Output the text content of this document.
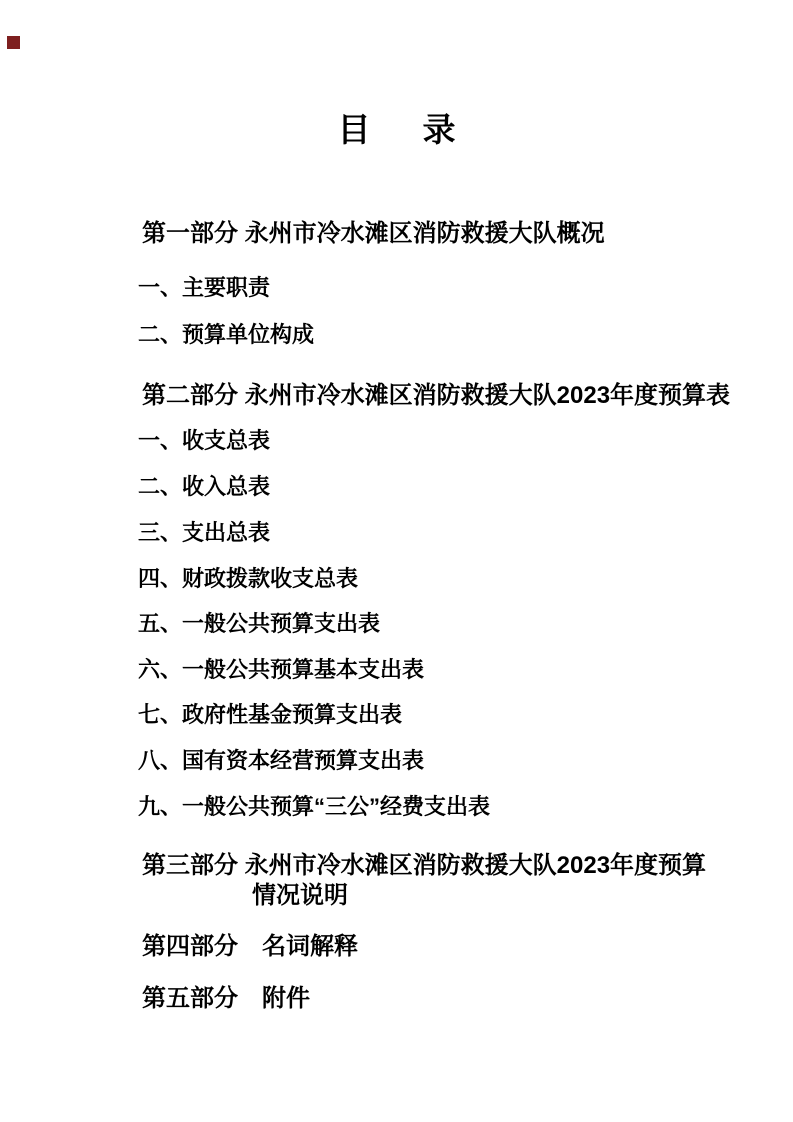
目 录
第一部分 永州市冷水滩区消防救援大队概况
一、主要职责
二、预算单位构成
第二部分 永州市冷水滩区消防救援大队2023年度预算表
一、收支总表
二、收入总表
三、支出总表
四、财政拨款收支总表
五、一般公共预算支出表
六、一般公共预算基本支出表
七、政府性基金预算支出表
八、国有资本经营预算支出表
九、一般公共预算“三公”经费支出表
第三部分 永州市冷水滩区消防救援大队2023年度预算
情况说明
第四部分　名词解释
第五部分　附件
